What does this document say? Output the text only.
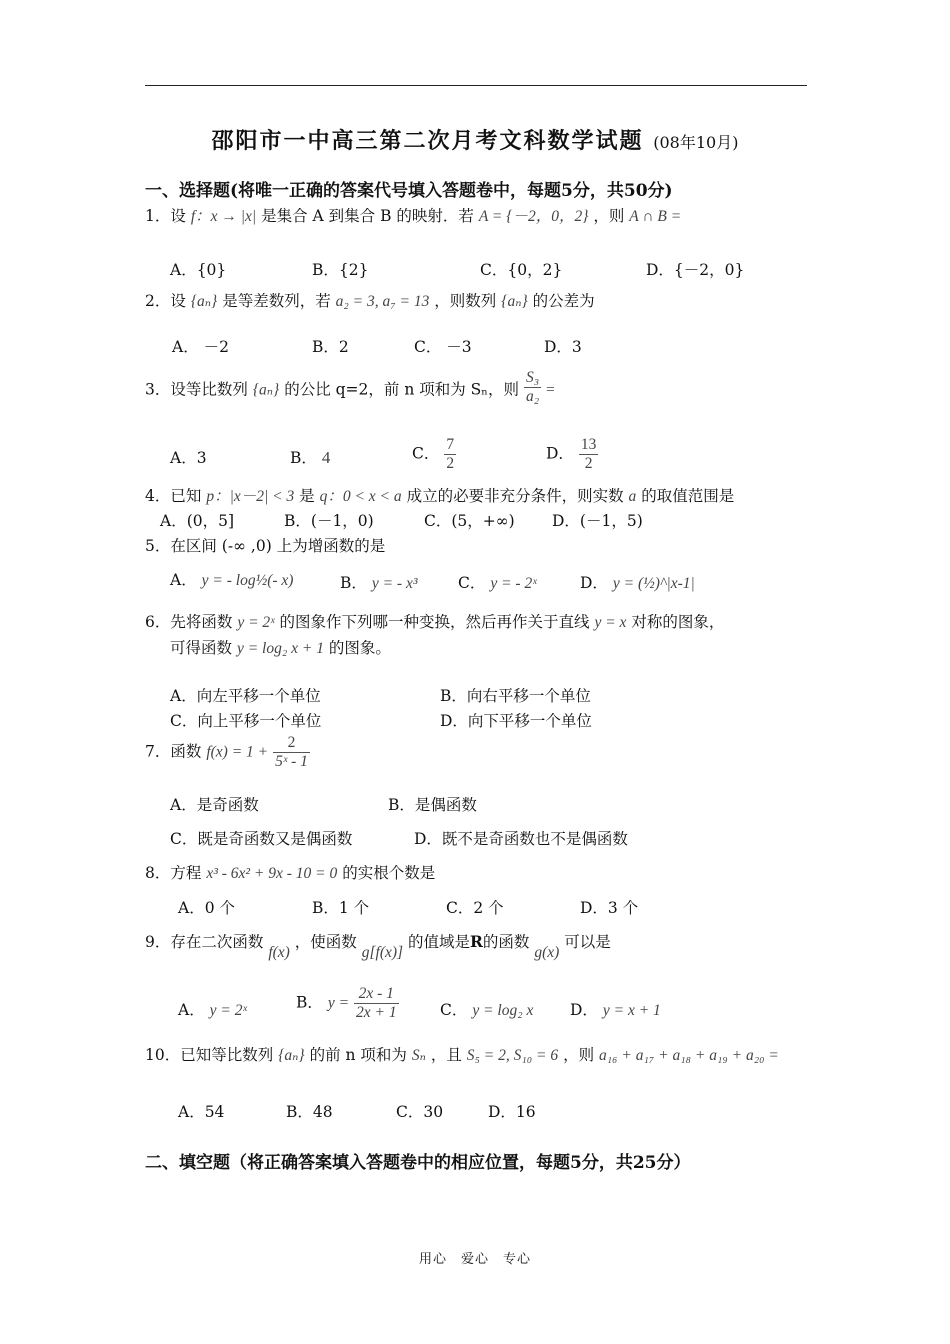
邵阳市一中高三第二次月考文科数学试题 (08年10月)
一、选择题(将唯一正确的答案代号填入答题卷中，每题5分，共50分)
1．设 f：x → |x| 是集合 A 到集合 B 的映射．若 A = {－2，0，2} ，则 A ∩ B =
A．{0}	B．{2}	C．{0，2}	D．{－2，0}
2．设 {aₙ} 是等差数列，若 a₂ = 3, a₇ = 13 ，则数列 {aₙ} 的公差为
A． －2	B．2	C． －3	D．3
3．设等比数列 {aₙ} 的公比 q=2，前 n 项和为 Sₙ，则 $\frac{\text{S₃}}{\text{a₂}}$ =
A．3	B． 4	C． $\frac{7}{2}$	D． $\frac{13}{2}$
4．已知 p：|x－2| < 3 是 q：0 < x < a 成立的必要非充分条件，则实数 a 的取值范围是
A．(0，5]	B．(－1，0)	C．(5，+∞) D．(－1，5)
5．在区间 (-∞ ,0) 上为增函数的是
A． y = - log½(- x)	B． y = - x³	C． y = - 2ˣ	D． y = (½)^|x-1|
6．先将函数 y = 2ˣ 的图象作下列哪一种变换，然后再作关于直线 y = x 对称的图象，
可得函数 y = log₂ x + 1 的图象。
A．向左平移一个单位	B．向右平移一个单位
C．向上平移一个单位	D．向下平移一个单位
7．函数 $f(x) = 1 + \frac{2}{\text{5ˣ - 1}}$
A．是奇函数	B．是偶函数
C．既是奇函数又是偶函数	D．既不是奇函数也不是偶函数
8．方程 x³ - 6x² + 9x - 10 = 0 的实根个数是
A．0 个	B．1 个	C．2 个	D．3 个
9．存在二次函数 f(x) ，使函数 g[f(x)] 的值域是R的函数 g(x) 可以是
A． y = 2ˣ	B． $y = \frac{2x - 1}{2x + 1}$	C． y = log₂ x D． y = x + 1
10．已知等比数列 {aₙ} 的前 n 项和为 Sₙ ，且 S₅ = 2, S₁₀ = 6 ，则 a₁₆ + a₁₇ + a₁₈ + a₁₉ + a₂₀ =
A．54	B．48	C．30	D．16
二、填空题（将正确答案填入答题卷中的相应位置，每题5分，共25分）
用心　爱心　专心
